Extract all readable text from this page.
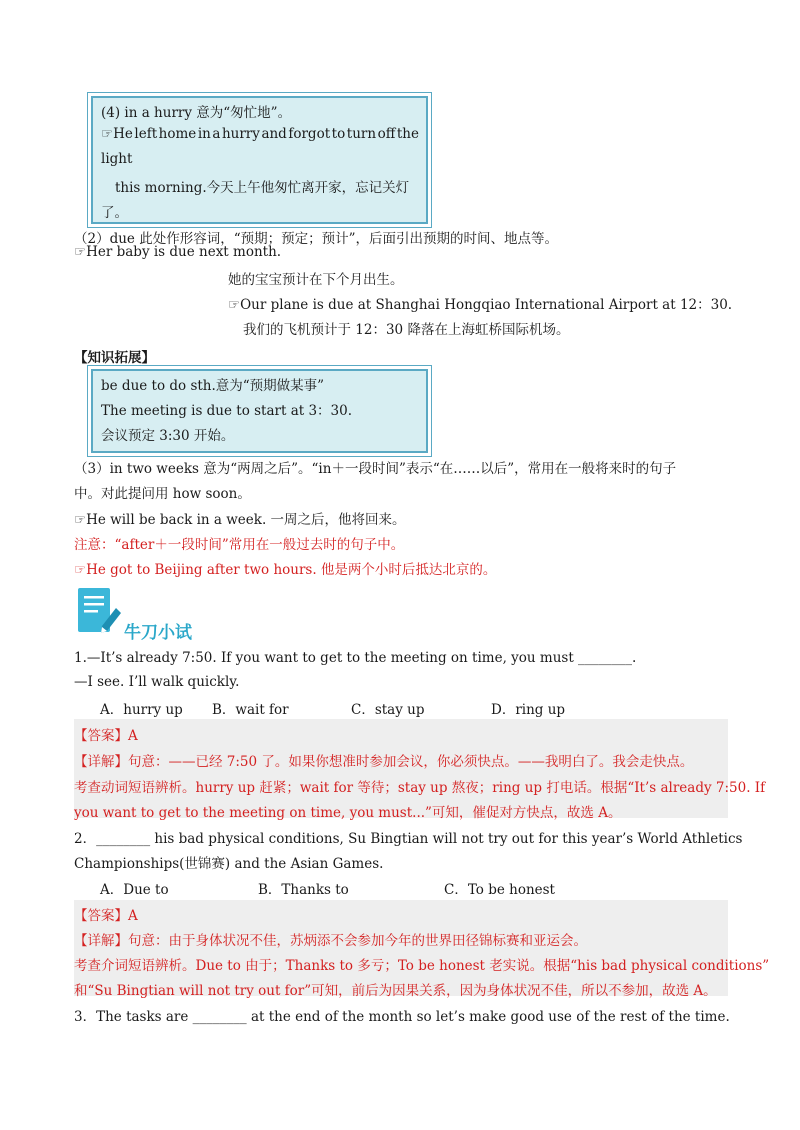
(4) in a hurry 意为“匆忙地”。
☞He left home in a hurry and forgot to turn off the
light
this morning.今天上午他匆忙离开家，忘记关灯
了。
（2）due 此处作形容词，“预期；预定；预计”，后面引出预期的时间、地点等。
☞Her baby is due next month.
她的宝宝预计在下个月出生。
☞Our plane is due at Shanghai Hongqiao International Airport at 12：30.
我们的飞机预计于 12：30 降落在上海虹桥国际机场。
【知识拓展】
be due to do sth.意为“预期做某事”
The meeting is due to start at 3：30.
会议预定 3:30 开始。
（3）in two weeks 意为“两周之后”。“in＋一段时间”表示“在……以后”，常用在一般将来时的句子
中。对此提问用 how soon。
☞He will be back in a week. 一周之后，他将回来。
注意：“after＋一段时间”常用在一般过去时的句子中。
☞He got to Beijing after two hours. 他是两个小时后抵达北京的。
牛刀小试
1.—It’s already 7:50. If you want to get to the meeting on time, you must ________.
—I see. I’ll walk quickly.
A．hurry up B．wait for	C．stay up	D．ring up
【答案】A
【详解】句意：——已经 7:50 了。如果你想准时参加会议，你必须快点。——我明白了。我会走快点。
考查动词短语辨析。hurry up 赶紧；wait for 等待；stay up 熬夜；ring up 打电话。根据“It’s already 7:50. If
you want to get to the meeting on time, you must...”可知，催促对方快点，故选 A。
2．________ his bad physical conditions, Su Bingtian will not try out for this year’s World Athletics
Championships(世锦赛) and the Asian Games.
A．Due to	B．Thanks to	C．To be honest
【答案】A
【详解】句意：由于身体状况不佳，苏炳添不会参加今年的世界田径锦标赛和亚运会。
考查介词短语辨析。Due to 由于；Thanks to 多亏；To be honest 老实说。根据“his bad physical conditions”
和“Su Bingtian will not try out for”可知，前后为因果关系，因为身体状况不佳，所以不参加，故选 A。
3．The tasks are ________ at the end of the month so let’s make good use of the rest of the time.
